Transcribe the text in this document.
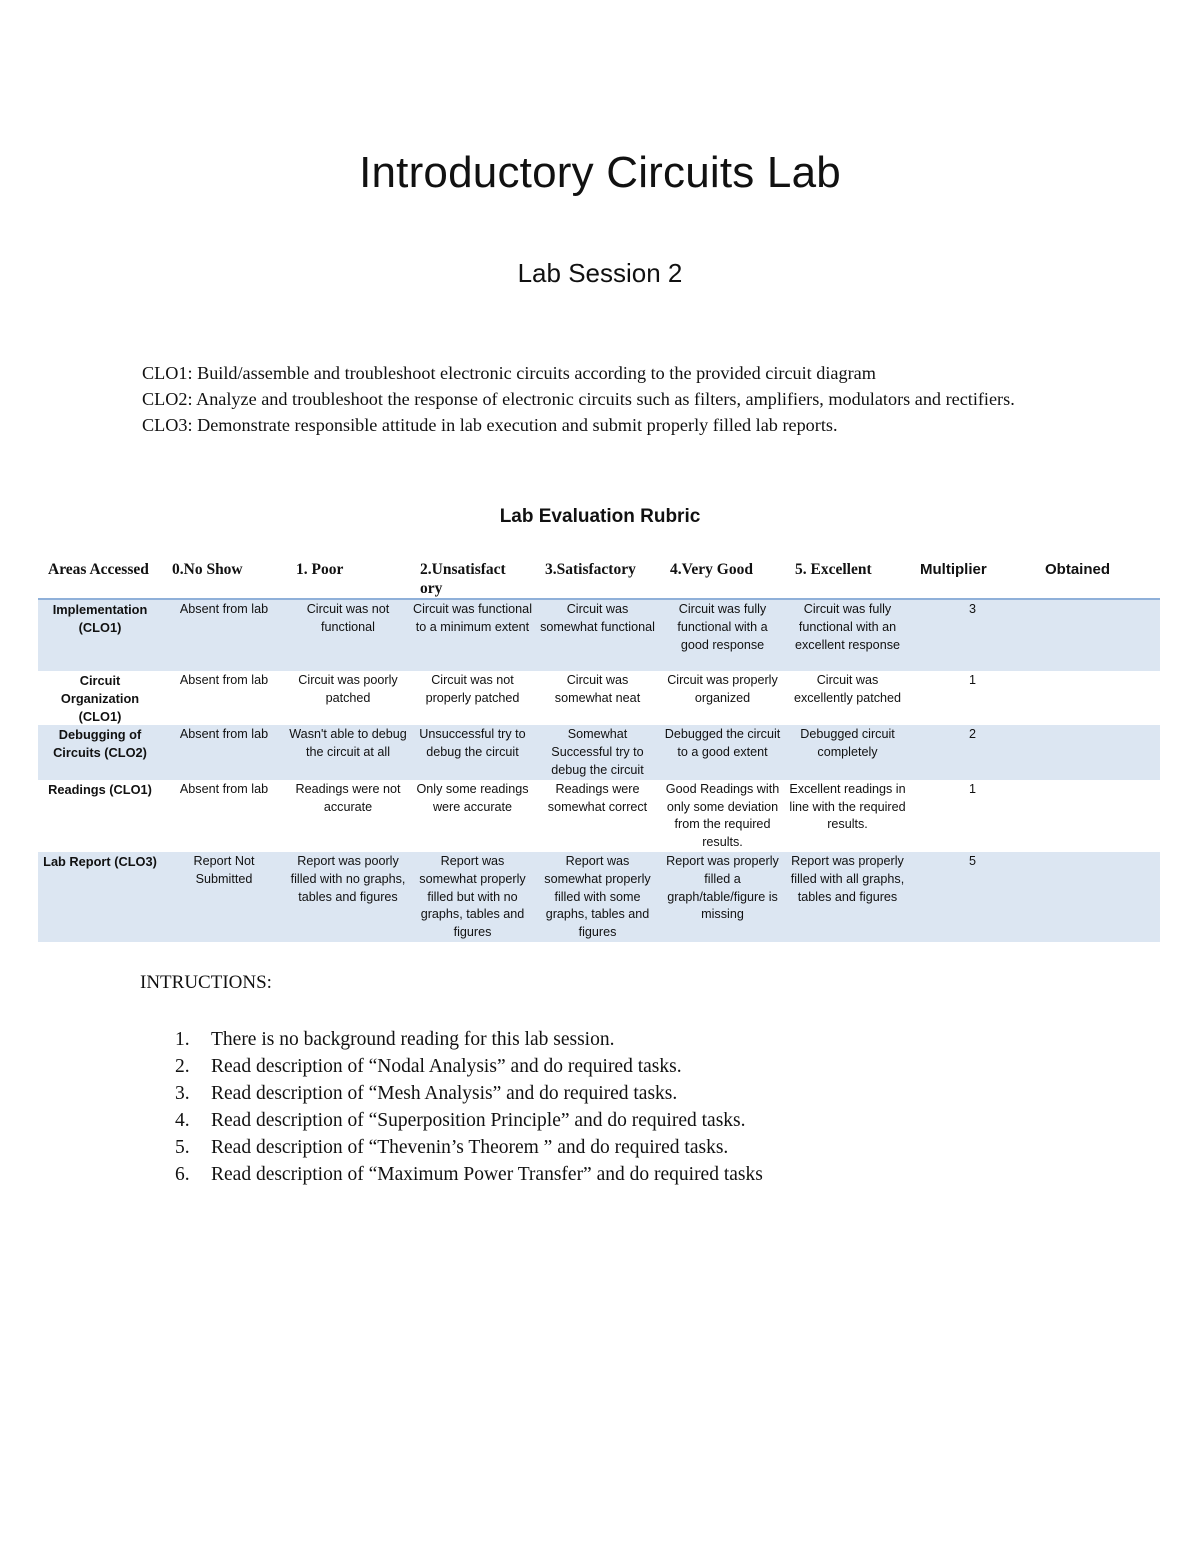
Introductory Circuits Lab
Lab Session 2

CLO1: Build/assemble and troubleshoot electronic circuits according to the provided circuit diagram

CLO2: Analyze and troubleshoot the response of electronic circuits such as filters, amplifiers, modulators and rectifiers.

CLO3: Demonstrate responsible attitude in lab execution and submit properly filled lab reports.

Lab Evaluation Rubric
Areas Accessed	0.No Show	1. Poor	2.Unsatisfact ory	3.Satisfactory	4.Very Good	5. Excellent	Multiplier	Obtained
Implementation (CLO1)	Absent from lab	Circuit was not functional	Circuit was functional to a minimum extent	Circuit was somewhat functional	Circuit was fully functional with a good response	Circuit was fully functional with an excellent response	3	
Circuit Organization (CLO1)	Absent from lab	Circuit was poorly patched	Circuit was not properly patched	Circuit was somewhat neat	Circuit was properly organized	Circuit was excellently patched	1	
Debugging of Circuits (CLO2)	Absent from lab	Wasn't able to debug the circuit at all	Unsuccessful try to debug the circuit	Somewhat Successful try to debug the circuit	Debugged the circuit to a good extent	Debugged circuit completely	2	
Readings (CLO1)	Absent from lab	Readings were not accurate	Only some readings were accurate	Readings were somewhat correct	Good Readings with only some deviation from the required results.	Excellent readings in line with the required results.	1	
Lab Report (CLO3)	Report Not Submitted	Report was poorly filled with no graphs, tables and figures	Report was somewhat properly filled but with no graphs, tables and figures	Report was somewhat properly filled with some graphs, tables and figures	Report was properly filled a graph/table/figure is missing	Report was properly filled with all graphs, tables and figures	5	
INTRUCTIONS:
1. There is no background reading for this lab session.
2. Read description of “Nodal Analysis” and do required tasks.
3. Read description of “Mesh Analysis” and do required tasks.
4. Read description of “Superposition Principle” and do required tasks.
5. Read description of “Thevenin’s Theorem ” and do required tasks.
6. Read description of “Maximum Power Transfer” and do required tasks
